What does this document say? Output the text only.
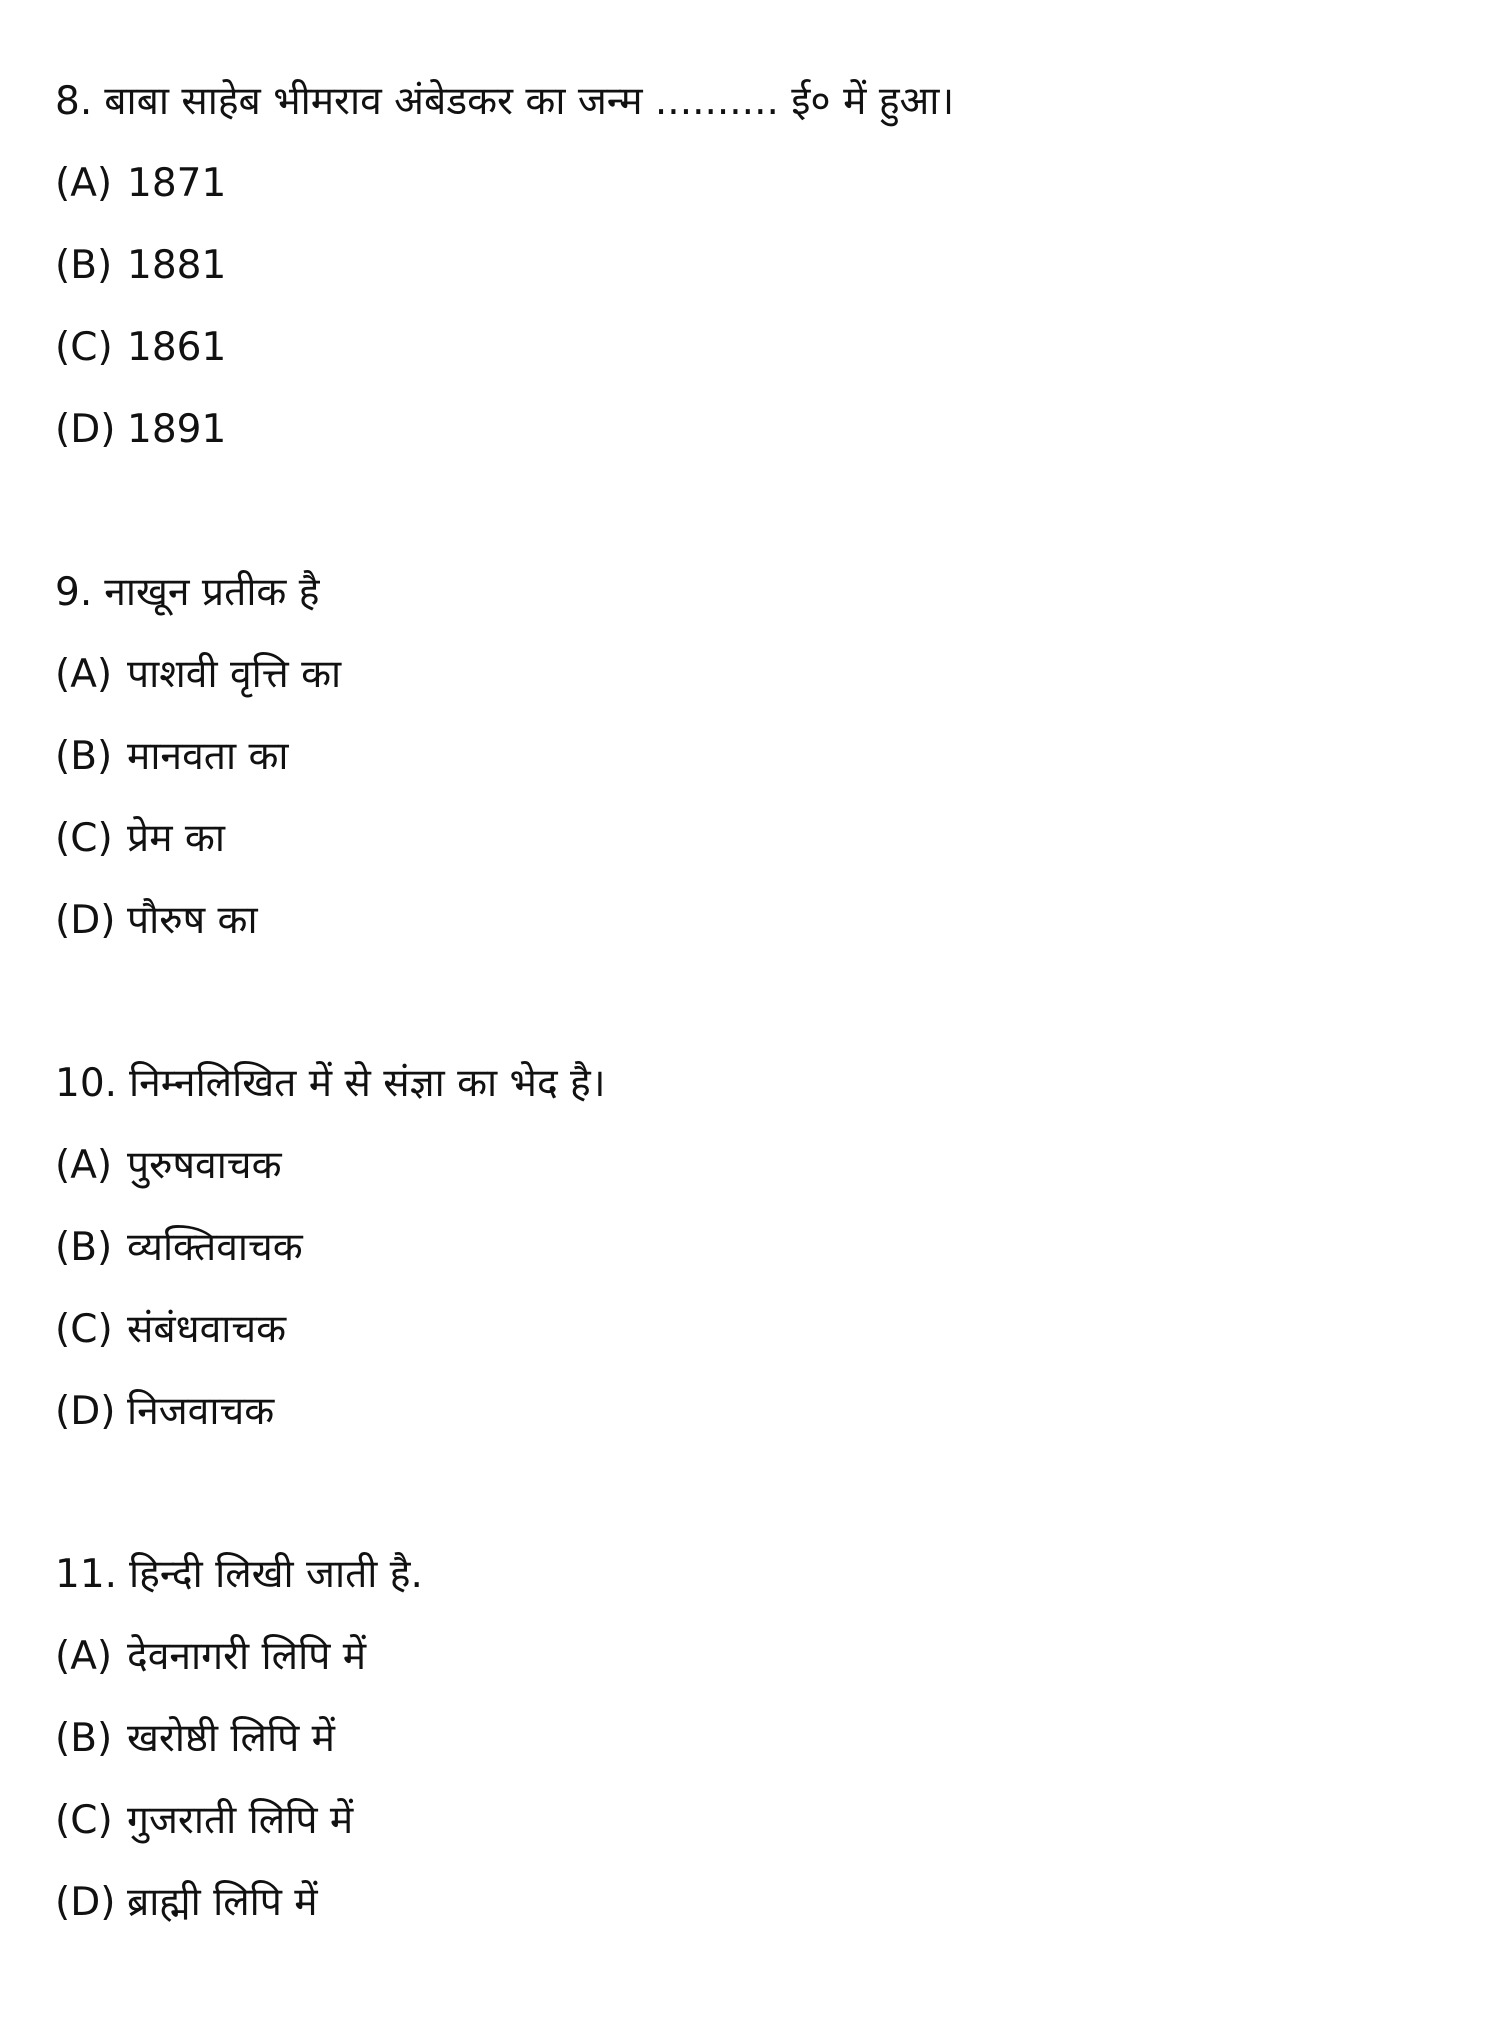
8. बाबा साहेब भीमराव अंबेडकर का जन्म .......... ई० में हुआ।
(A) 1871
(B) 1881
(C) 1861
(D) 1891
9. नाखून प्रतीक है
(A) पाशवी वृत्ति का
(B) मानवता का
(C) प्रेम का
(D) पौरुष का
10. निम्नलिखित में से संज्ञा का भेद है।
(A) पुरुषवाचक
(B) व्यक्तिवाचक
(C) संबंधवाचक
(D) निजवाचक
11. हिन्दी लिखी जाती है.
(A) देवनागरी लिपि में
(B) खरोष्ठी लिपि में
(C) गुजराती लिपि में
(D) ब्राह्मी लिपि में
